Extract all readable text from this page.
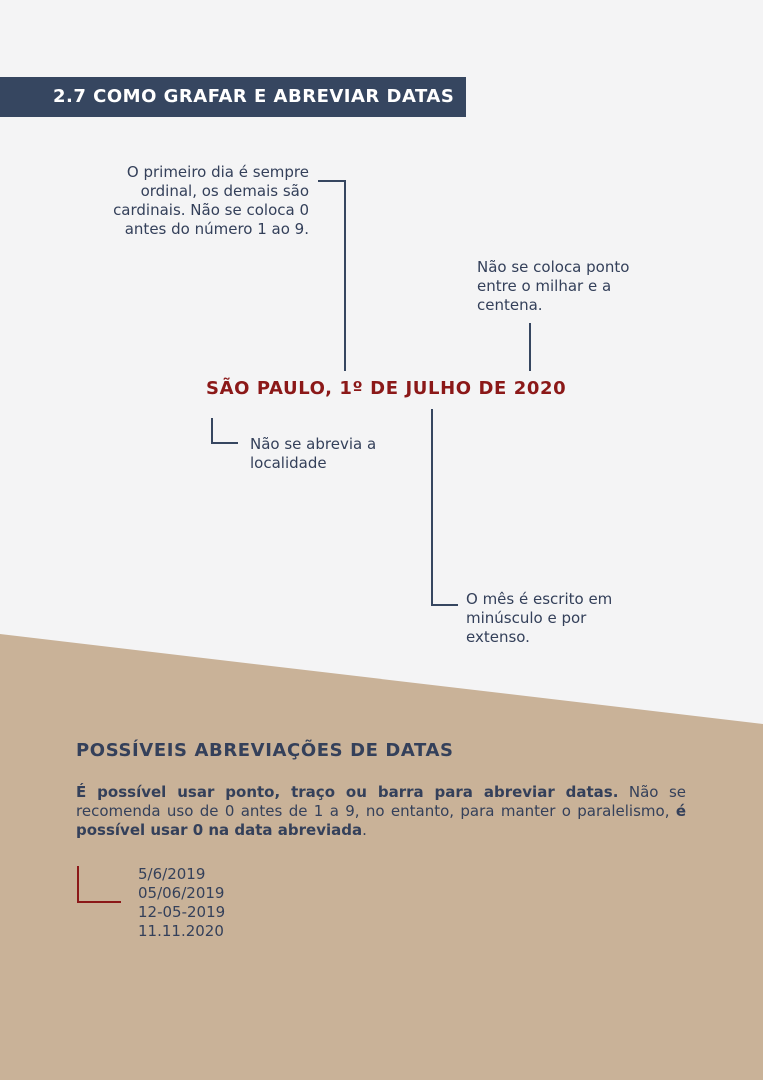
2.7 COMO GRAFAR E ABREVIAR DATAS
O primeiro dia é sempre ordinal, os demais são cardinais. Não se coloca 0 antes do número 1 ao 9.
Não se coloca ponto entre o milhar e a centena.
SÃO PAULO, 1º DE JULHO DE 2020
Não se abrevia a localidade
O mês é escrito em minúsculo e por extenso.
POSSÍVEIS ABREVIAÇÕES DE DATAS
É possível usar ponto, traço ou barra para abreviar datas. Não se recomenda uso de 0 antes de 1 a 9, no entanto, para manter o paralelismo, é possível usar 0 na data abreviada.
5/6/2019
05/06/2019
12-05-2019
11.11.2020
